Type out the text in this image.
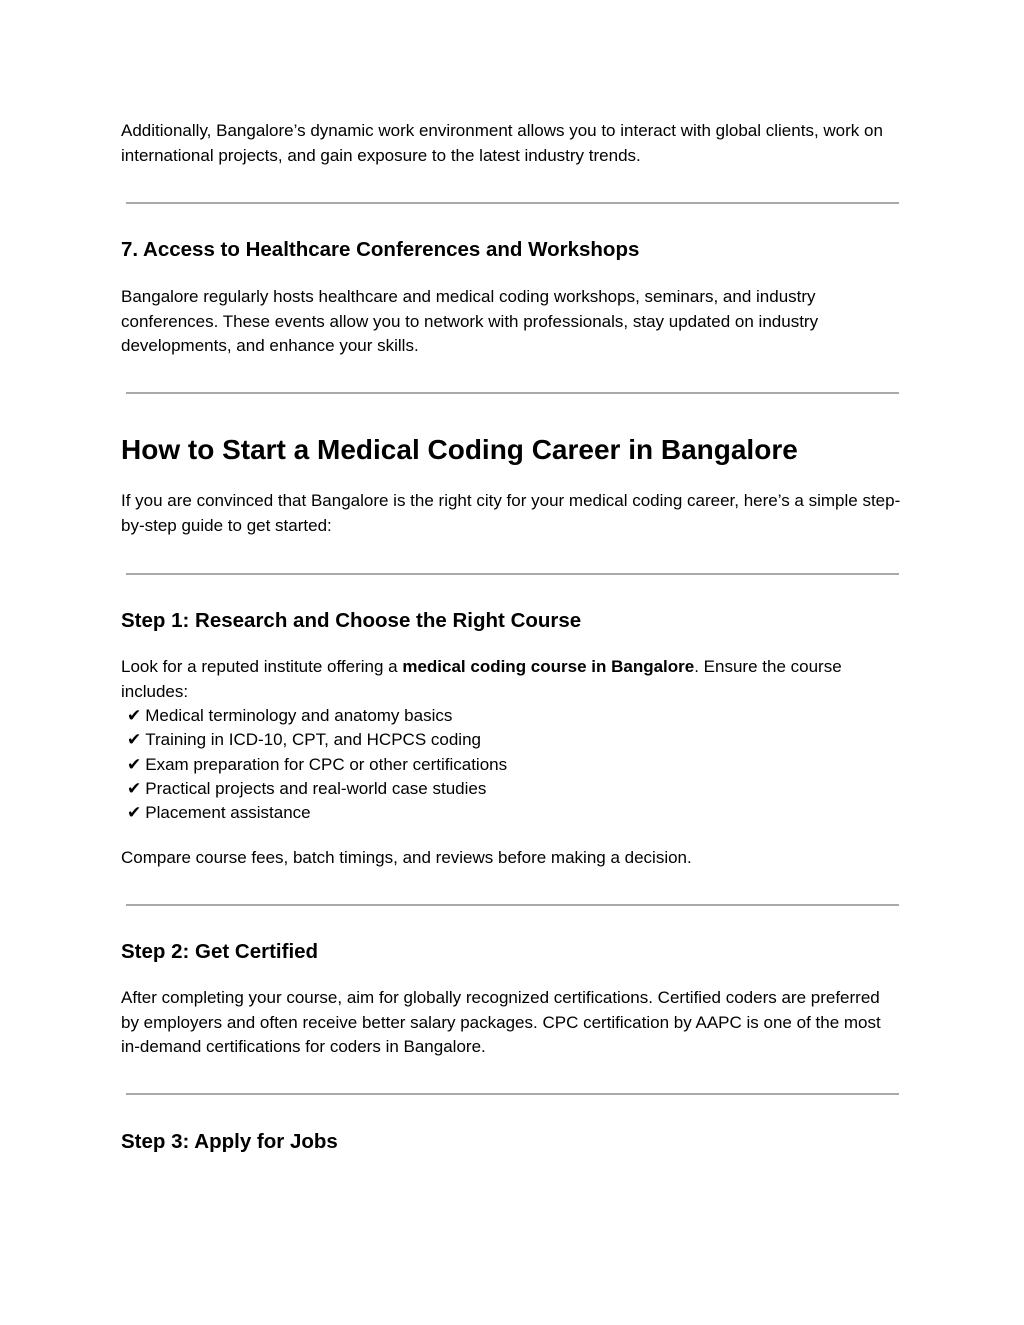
Additionally, Bangalore’s dynamic work environment allows you to interact with global clients, work on international projects, and gain exposure to the latest industry trends.

7. Access to Healthcare Conferences and Workshops

Bangalore regularly hosts healthcare and medical coding workshops, seminars, and industry conferences. These events allow you to network with professionals, stay updated on industry developments, and enhance your skills.

How to Start a Medical Coding Career in Bangalore

If you are convinced that Bangalore is the right city for your medical coding career, here’s a simple step-by-step guide to get started:

Step 1: Research and Choose the Right Course

Look for a reputed institute offering a medical coding course in Bangalore. Ensure the course includes:

✔ Medical terminology and anatomy basics
✔ Training in ICD-10, CPT, and HCPCS coding
✔ Exam preparation for CPC or other certifications
✔ Practical projects and real-world case studies
✔ Placement assistance

Compare course fees, batch timings, and reviews before making a decision.

Step 2: Get Certified

After completing your course, aim for globally recognized certifications. Certified coders are preferred by employers and often receive better salary packages. CPC certification by AAPC is one of the most in-demand certifications for coders in Bangalore.

Step 3: Apply for Jobs
